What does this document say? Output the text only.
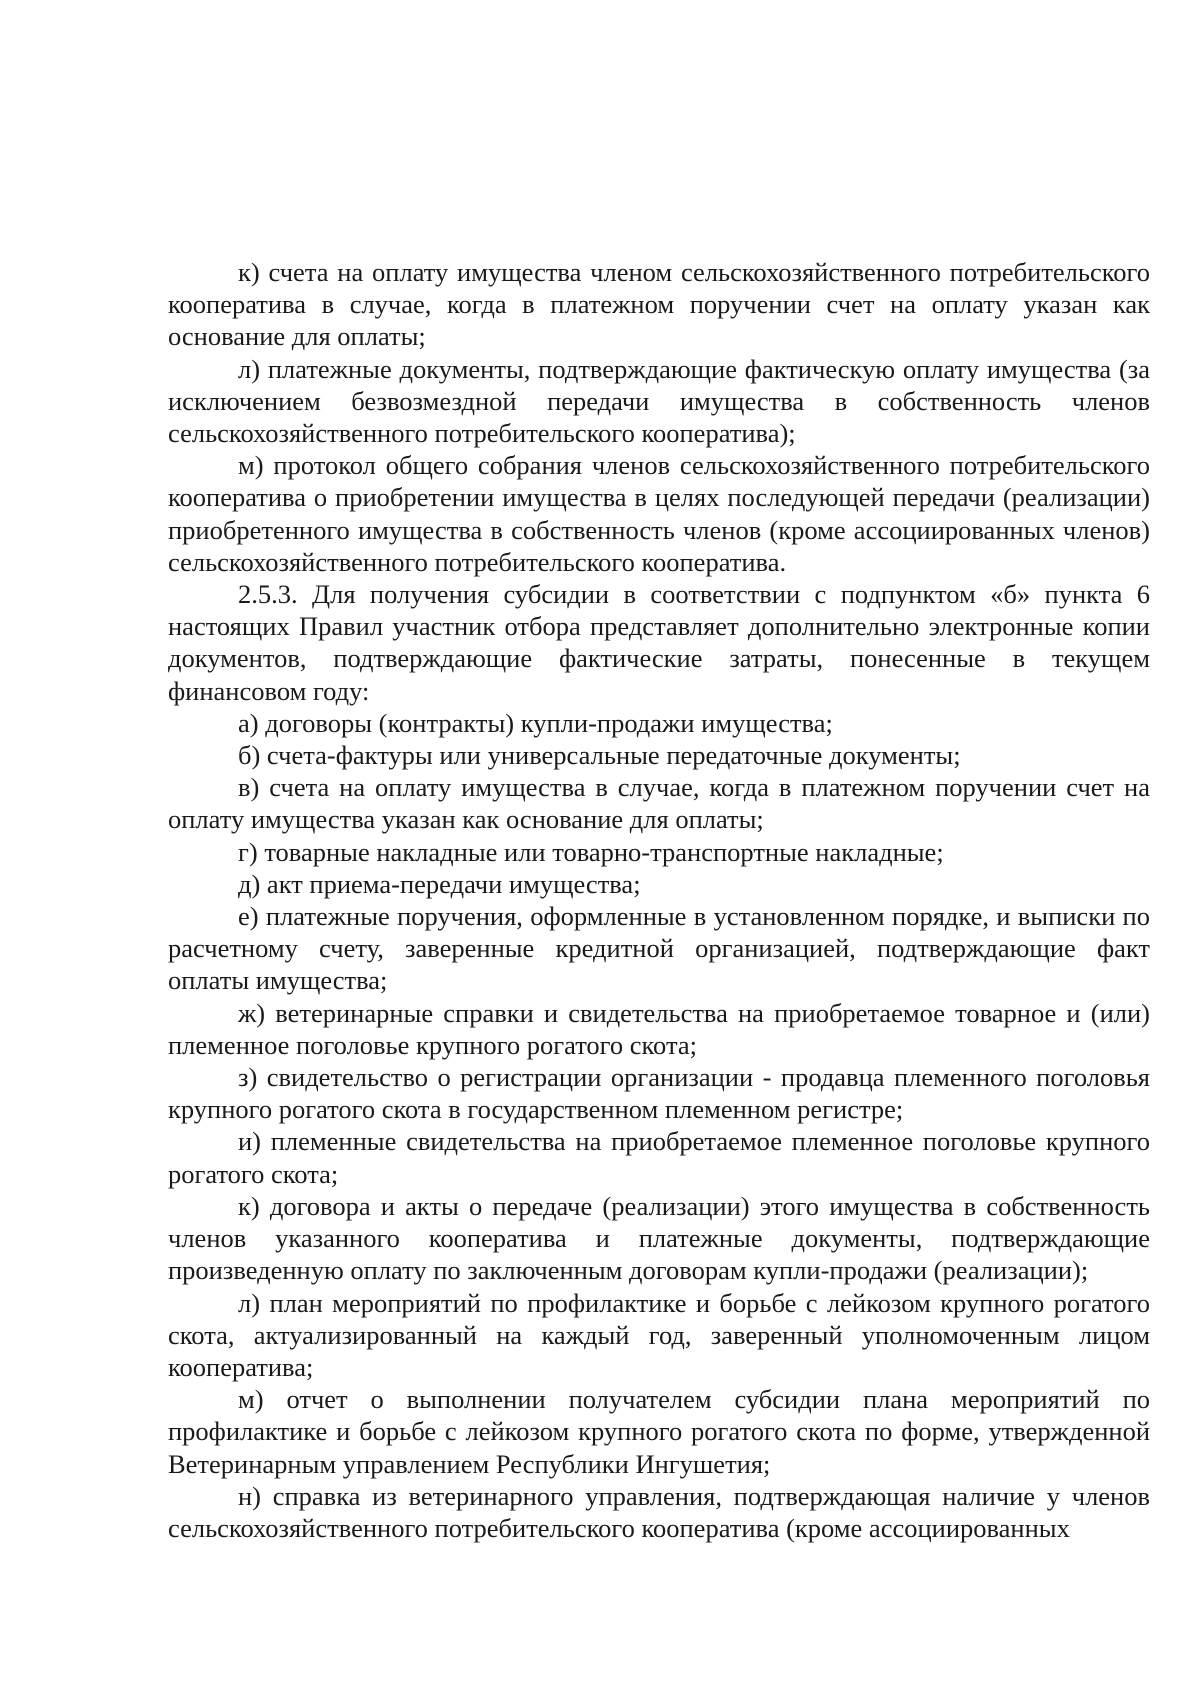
к) счета на оплату имущества членом сельскохозяйственного потребительского кооператива в случае, когда в платежном поручении счет на оплату указан как основание для оплаты;

л) платежные документы, подтверждающие фактическую оплату имущества (за исключением безвозмездной передачи имущества в собственность членов сельскохозяйственного потребительского кооператива);

м) протокол общего собрания членов сельскохозяйственного потребительского кооператива о приобретении имущества в целях последующей передачи (реализации) приобретенного имущества в собственность членов (кроме ассоциированных членов) сельскохозяйственного потребительского кооператива.

2.5.3. Для получения субсидии в соответствии с подпунктом «б» пункта 6 настоящих Правил участник отбора представляет дополнительно электронные копии документов, подтверждающие фактические затраты, понесенные в текущем финансовом году:

а) договоры (контракты) купли-продажи имущества;

б) счета-фактуры или универсальные передаточные документы;

в) счета на оплату имущества в случае, когда в платежном поручении счет на оплату имущества указан как основание для оплаты;

г) товарные накладные или товарно-транспортные накладные;

д) акт приема-передачи имущества;

е) платежные поручения, оформленные в установленном порядке, и выписки по расчетному счету, заверенные кредитной организацией, подтверждающие факт оплаты имущества;

ж) ветеринарные справки и свидетельства на приобретаемое товарное и (или) племенное поголовье крупного рогатого скота;

з) свидетельство о регистрации организации - продавца племенного поголовья крупного рогатого скота в государственном племенном регистре;

и) племенные свидетельства на приобретаемое племенное поголовье крупного рогатого скота;

к) договора и акты о передаче (реализации) этого имущества в собственность членов указанного кооператива и платежные документы, подтверждающие произведенную оплату по заключенным договорам купли-продажи (реализации);

л) план мероприятий по профилактике и борьбе с лейкозом крупного рогатого скота, актуализированный на каждый год, заверенный уполномоченным лицом кооператива;

м) отчет о выполнении получателем субсидии плана мероприятий по профилактике и борьбе с лейкозом крупного рогатого скота по форме, утвержденной Ветеринарным управлением Республики Ингушетия;

н) справка из ветеринарного управления, подтверждающая наличие у членов сельскохозяйственного потребительского кооператива (кроме ассоциированных
